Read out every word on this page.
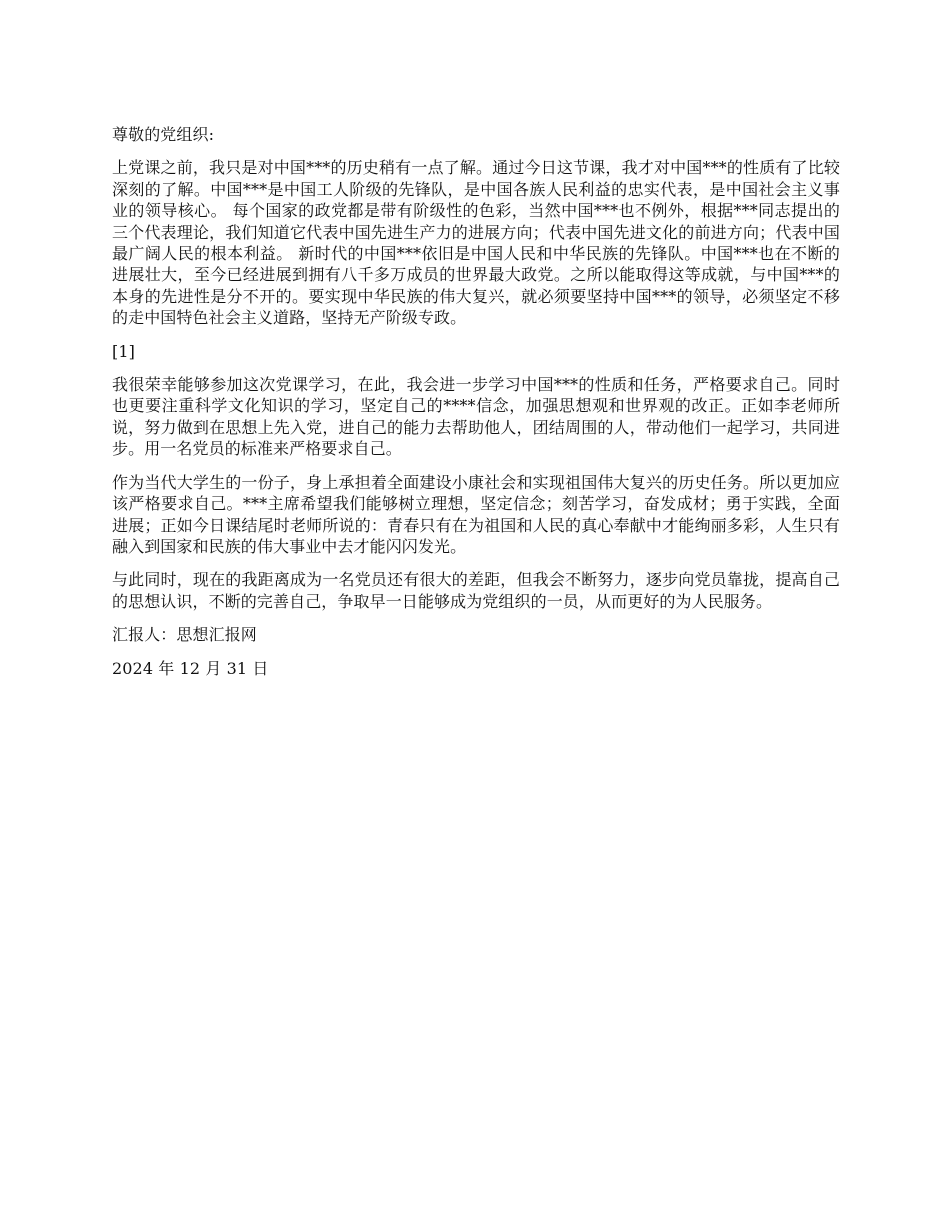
尊敬的党组织:

上党课之前，我只是对中国***的历史稍有一点了解。通过今日这节课，我才对中国***的性质有了比较深刻的了解。中国***是中国工人阶级的先锋队，是中国各族人民利益的忠实代表，是中国社会主义事业的领导核心。 每个国家的政党都是带有阶级性的色彩，当然中国***也不例外，根据***同志提出的三个代表理论，我们知道它代表中国先进生产力的进展方向；代表中国先进文化的前进方向；代表中国最广阔人民的根本利益。 新时代的中国***依旧是中国人民和中华民族的先锋队。中国***也在不断的进展壮大，至今已经进展到拥有八千多万成员的世界最大政党。之所以能取得这等成就，与中国***的本身的先进性是分不开的。要实现中华民族的伟大复兴，就必须要坚持中国***的领导，必须坚定不移的走中国特色社会主义道路，坚持无产阶级专政。

[1]

我很荣幸能够参加这次党课学习，在此，我会进一步学习中国***的性质和任务，严格要求自己。同时也更要注重科学文化知识的学习，坚定自己的****信念，加强思想观和世界观的改正。正如李老师所说，努力做到在思想上先入党，进自己的能力去帮助他人，团结周围的人，带动他们一起学习，共同进步。用一名党员的标准来严格要求自己。

作为当代大学生的一份子，身上承担着全面建设小康社会和实现祖国伟大复兴的历史任务。所以更加应该严格要求自己。***主席希望我们能够树立理想，坚定信念；刻苦学习，奋发成材；勇于实践，全面进展；正如今日课结尾时老师所说的：青春只有在为祖国和人民的真心奉献中才能绚丽多彩，人生只有融入到国家和民族的伟大事业中去才能闪闪发光。

与此同时，现在的我距离成为一名党员还有很大的差距，但我会不断努力，逐步向党员靠拢，提高自己的思想认识，不断的完善自己，争取早一日能够成为党组织的一员，从而更好的为人民服务。

汇报人：思想汇报网

2024 年 12 月 31 日
